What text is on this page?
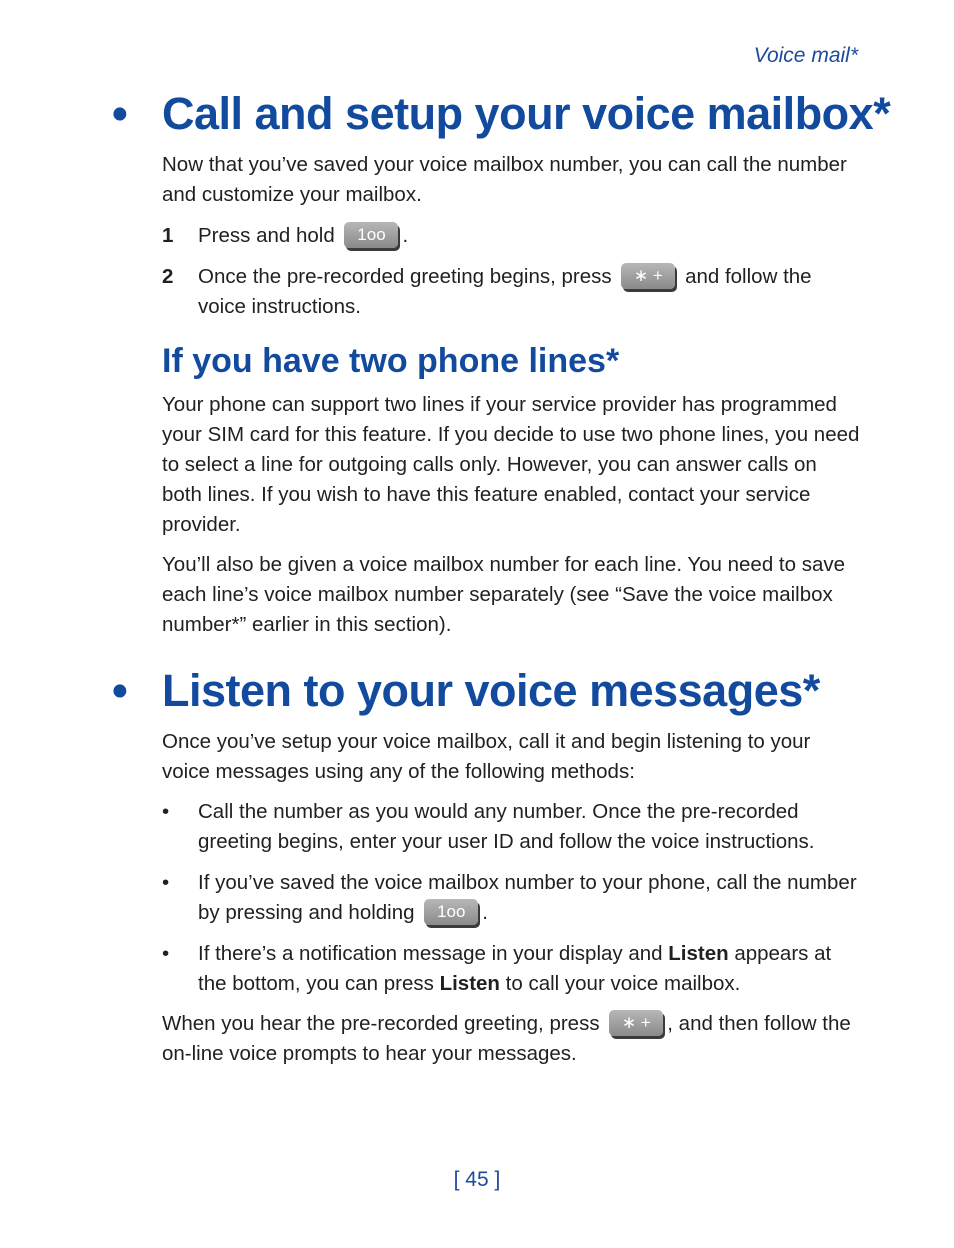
Voice mail*
• Call and setup your voice mailbox*

Now that you’ve saved your voice mailbox number, you can call the number and customize your mailbox.

1	Press and hold 1οο .
2	Once the pre-recorded greeting begins, press ∗ + and follow the voice instructions.
If you have two phone lines*

Your phone can support two lines if your service provider has programmed your SIM card for this feature. If you decide to use two phone lines, you need to select a line for outgoing calls only. However, you can answer calls on both lines. If you wish to have this feature enabled, contact your service provider.

You’ll also be given a voice mailbox number for each line. You need to save each line’s voice mailbox number separately (see “Save the voice mailbox number*” earlier in this section).

• Listen to your voice messages*

Once you’ve setup your voice mailbox, call it and begin listening to your voice messages using any of the following methods:

•	Call the number as you would any number. Once the pre-recorded greeting begins, enter your user ID and follow the voice instructions.
•	If you’ve saved the voice mailbox number to your phone, call the number by pressing and holding 1οο .
•	If there’s a notification message in your display and Listen appears at the bottom, you can press Listen to call your voice mailbox.

When you hear the pre-recorded greeting, press ∗ + , and then follow the on-line voice prompts to hear your messages.

[ 45 ]
